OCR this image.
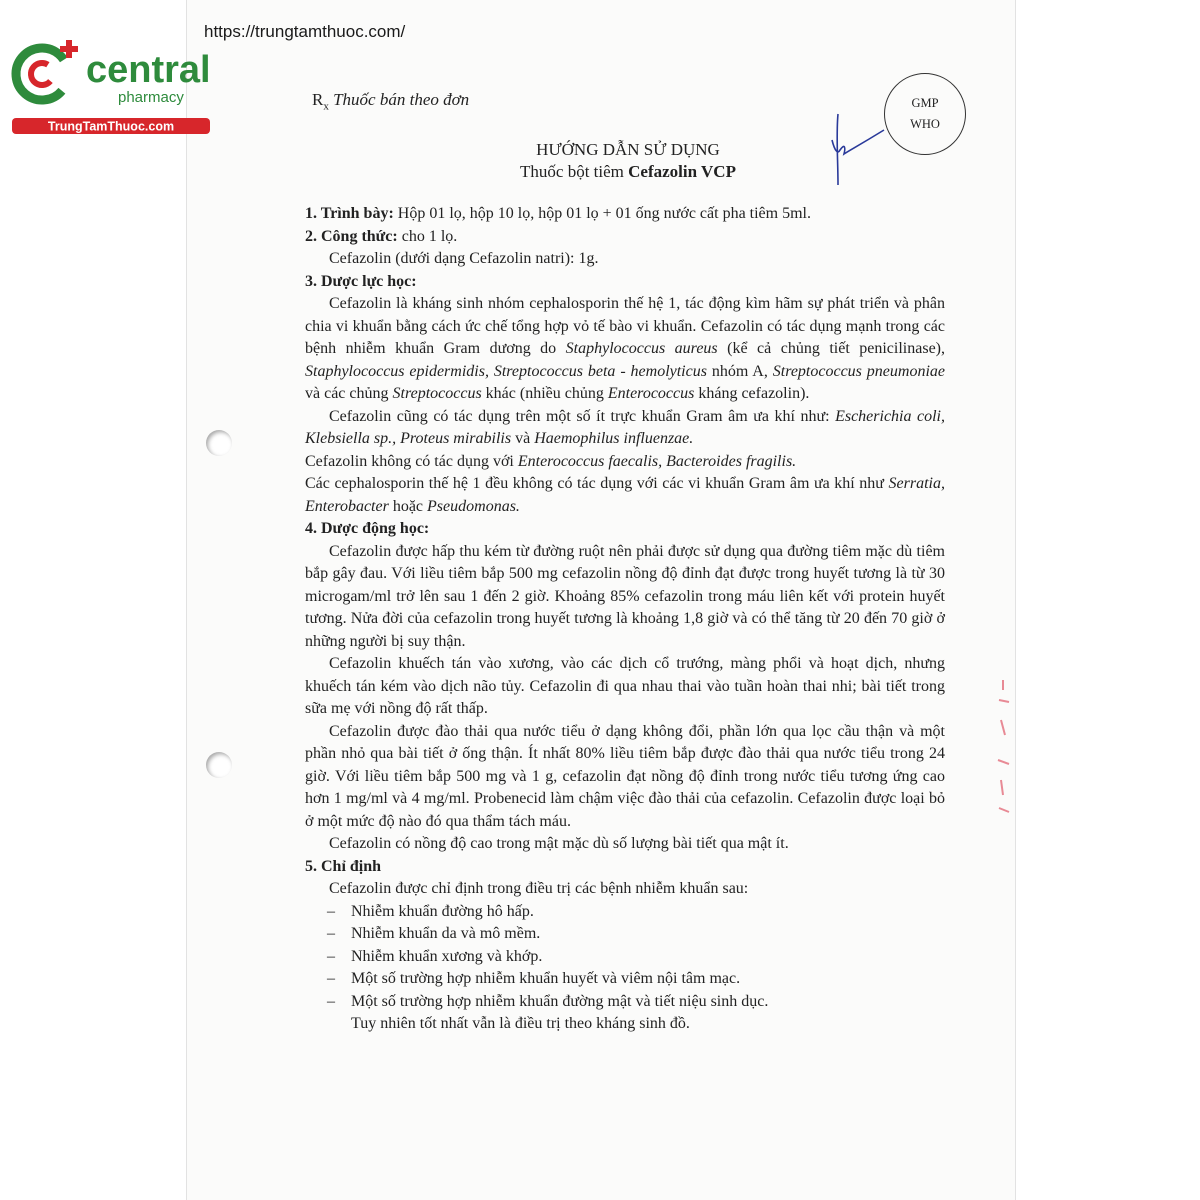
central
pharmacy
TrungTamThuoc.com
https://trungtamthuoc.com/
GMP
WHO
$R_x$ Thuốc bán theo đơn
HƯỚNG DẪN SỬ DỤNG
Thuốc bột tiêm Cefazolin VCP

1. Trình bày: Hộp 01 lọ, hộp 10 lọ, hộp 01 lọ + 01 ống nước cất pha tiêm 5ml.

2. Công thức: cho 1 lọ.

Cefazolin (dưới dạng Cefazolin natri): 1g.

3. Dược lực học:

Cefazolin là kháng sinh nhóm cephalosporin thế hệ 1, tác động kìm hãm sự phát triển và phân chia vi khuẩn bằng cách ức chế tổng hợp vỏ tế bào vi khuẩn. Cefazolin có tác dụng mạnh trong các bệnh nhiễm khuẩn Gram dương do Staphylococcus aureus (kể cả chủng tiết penicilinase), Staphylococcus epidermidis, Streptococcus beta - hemolyticus nhóm A, Streptococcus pneumoniae và các chủng Streptococcus khác (nhiều chủng Enterococcus kháng cefazolin).

Cefazolin cũng có tác dụng trên một số ít trực khuẩn Gram âm ưa khí như: Escherichia coli, Klebsiella sp., Proteus mirabilis và Haemophilus influenzae.

Cefazolin không có tác dụng với Enterococcus faecalis, Bacteroides fragilis.

Các cephalosporin thế hệ 1 đều không có tác dụng với các vi khuẩn Gram âm ưa khí như Serratia, Enterobacter hoặc Pseudomonas.

4. Dược động học:

Cefazolin được hấp thu kém từ đường ruột nên phải được sử dụng qua đường tiêm mặc dù tiêm bắp gây đau. Với liều tiêm bắp 500 mg cefazolin nồng độ đỉnh đạt được trong huyết tương là từ 30 microgam/ml trở lên sau 1 đến 2 giờ. Khoảng 85% cefazolin trong máu liên kết với protein huyết tương. Nửa đời của cefazolin trong huyết tương là khoảng 1,8 giờ và có thể tăng từ 20 đến 70 giờ ở những người bị suy thận.

Cefazolin khuếch tán vào xương, vào các dịch cổ trướng, màng phổi và hoạt dịch, nhưng khuếch tán kém vào dịch não tủy. Cefazolin đi qua nhau thai vào tuần hoàn thai nhi; bài tiết trong sữa mẹ với nồng độ rất thấp.

Cefazolin được đào thải qua nước tiểu ở dạng không đổi, phần lớn qua lọc cầu thận và một phần nhỏ qua bài tiết ở ống thận. Ít nhất 80% liều tiêm bắp được đào thải qua nước tiểu trong 24 giờ. Với liều tiêm bắp 500 mg và 1 g, cefazolin đạt nồng độ đỉnh trong nước tiểu tương ứng cao hơn 1 mg/ml và 4 mg/ml. Probenecid làm chậm việc đào thải của cefazolin. Cefazolin được loại bỏ ở một mức độ nào đó qua thẩm tách máu.

Cefazolin có nồng độ cao trong mật mặc dù số lượng bài tiết qua mật ít.

5. Chỉ định

Cefazolin được chỉ định trong điều trị các bệnh nhiễm khuẩn sau:

– Nhiễm khuẩn đường hô hấp.

– Nhiễm khuẩn da và mô mềm.

– Nhiễm khuẩn xương và khớp.

– Một số trường hợp nhiễm khuẩn huyết và viêm nội tâm mạc.

– Một số trường hợp nhiễm khuẩn đường mật và tiết niệu sinh dục.

Tuy nhiên tốt nhất vẫn là điều trị theo kháng sinh đồ.
